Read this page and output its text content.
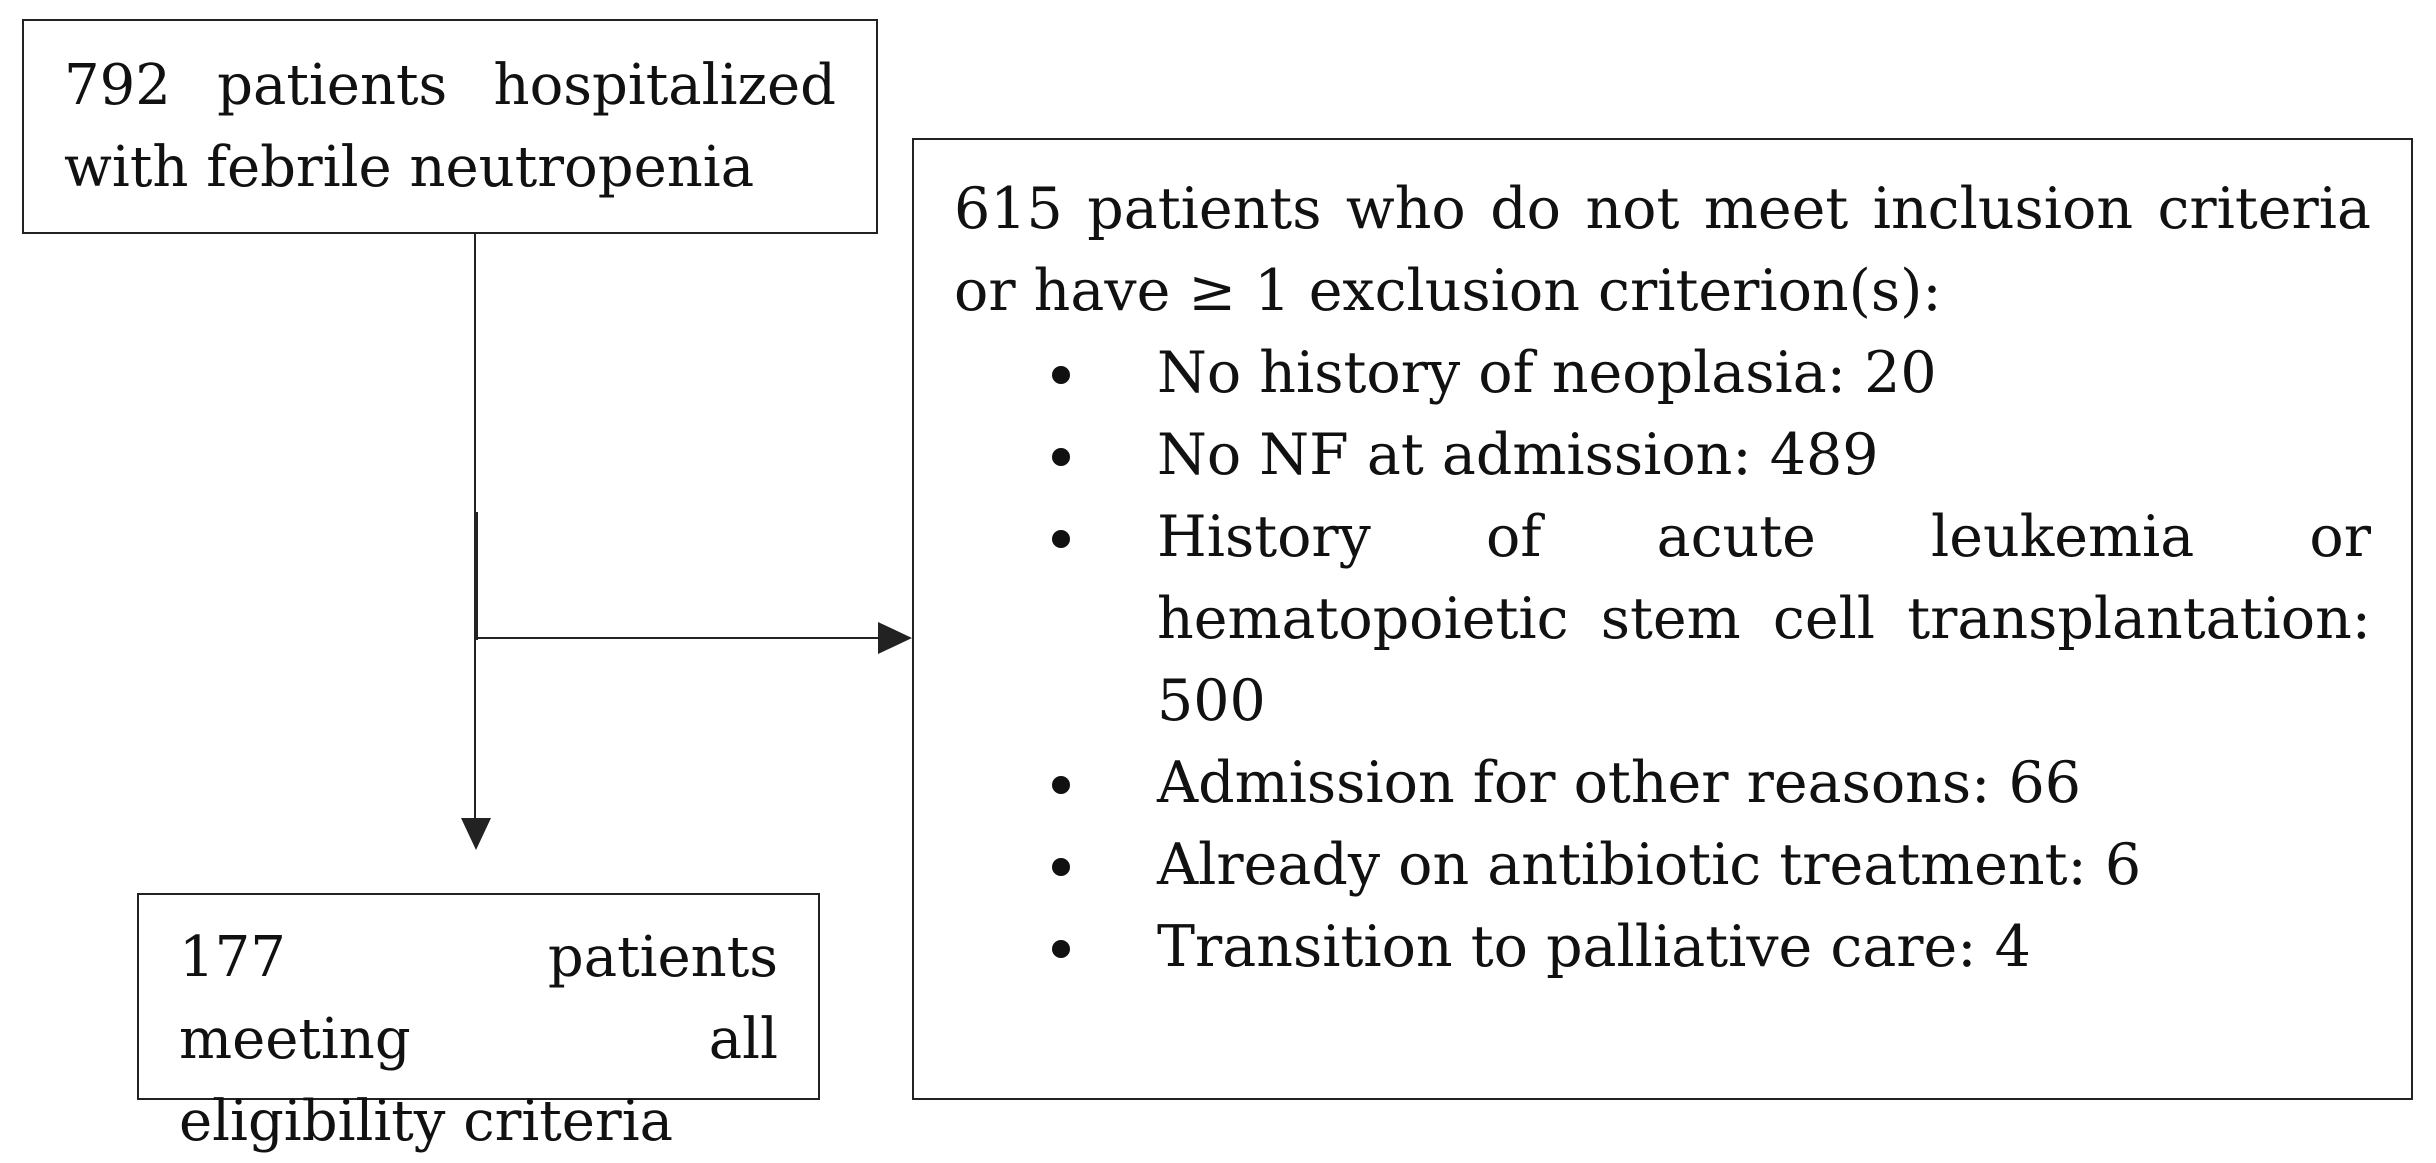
792 patients hospitalized with febrile neutropenia

615 patients who do not meet inclusion criteria or have ≥ 1 exclusion criterion(s):

No history of neoplasia: 20
No NF at admission: 489
History of acute leukemia or hematopoietic stem cell transplantation: 500
Admission for other reasons: 66
Already on antibiotic treatment: 6
Transition to palliative care: 4

177 patients meeting all eligibility criteria
